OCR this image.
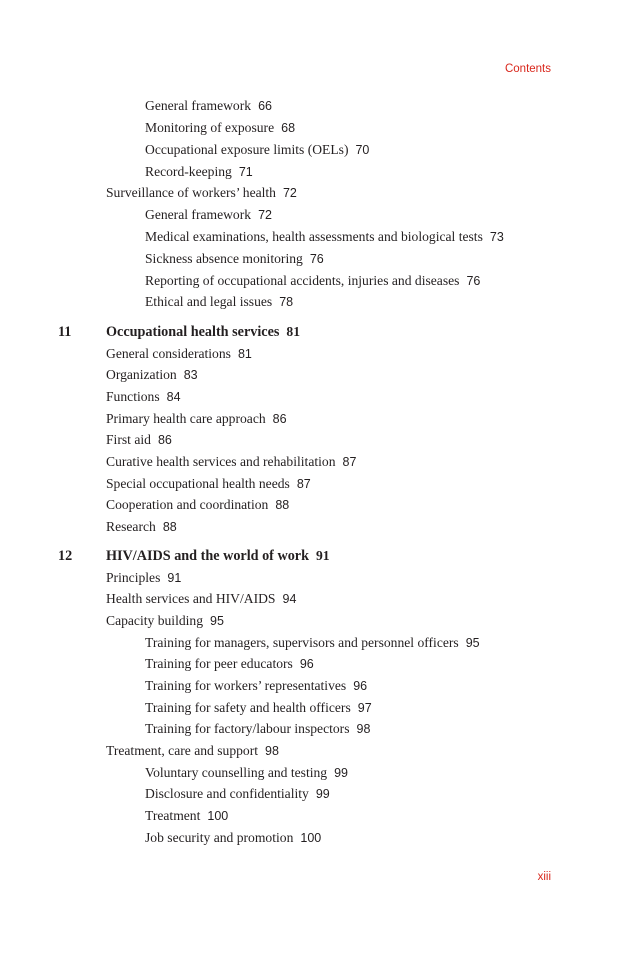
Contents
General framework 66
Monitoring of exposure 68
Occupational exposure limits (OELs) 70
Record-keeping 71
Surveillance of workers’ health 72
General framework 72
Medical examinations, health assessments and biological tests 73
Sickness absence monitoring 76
Reporting of occupational accidents, injuries and diseases 76
Ethical and legal issues 78
11 Occupational health services 81
General considerations 81
Organization 83
Functions 84
Primary health care approach 86
First aid 86
Curative health services and rehabilitation 87
Special occupational health needs 87
Cooperation and coordination 88
Research 88
12 HIV/AIDS and the world of work 91
Principles 91
Health services and HIV/AIDS 94
Capacity building 95
Training for managers, supervisors and personnel officers 95
Training for peer educators 96
Training for workers’ representatives 96
Training for safety and health officers 97
Training for factory/labour inspectors 98
Treatment, care and support 98
Voluntary counselling and testing 99
Disclosure and confidentiality 99
Treatment 100
Job security and promotion 100
xiii
